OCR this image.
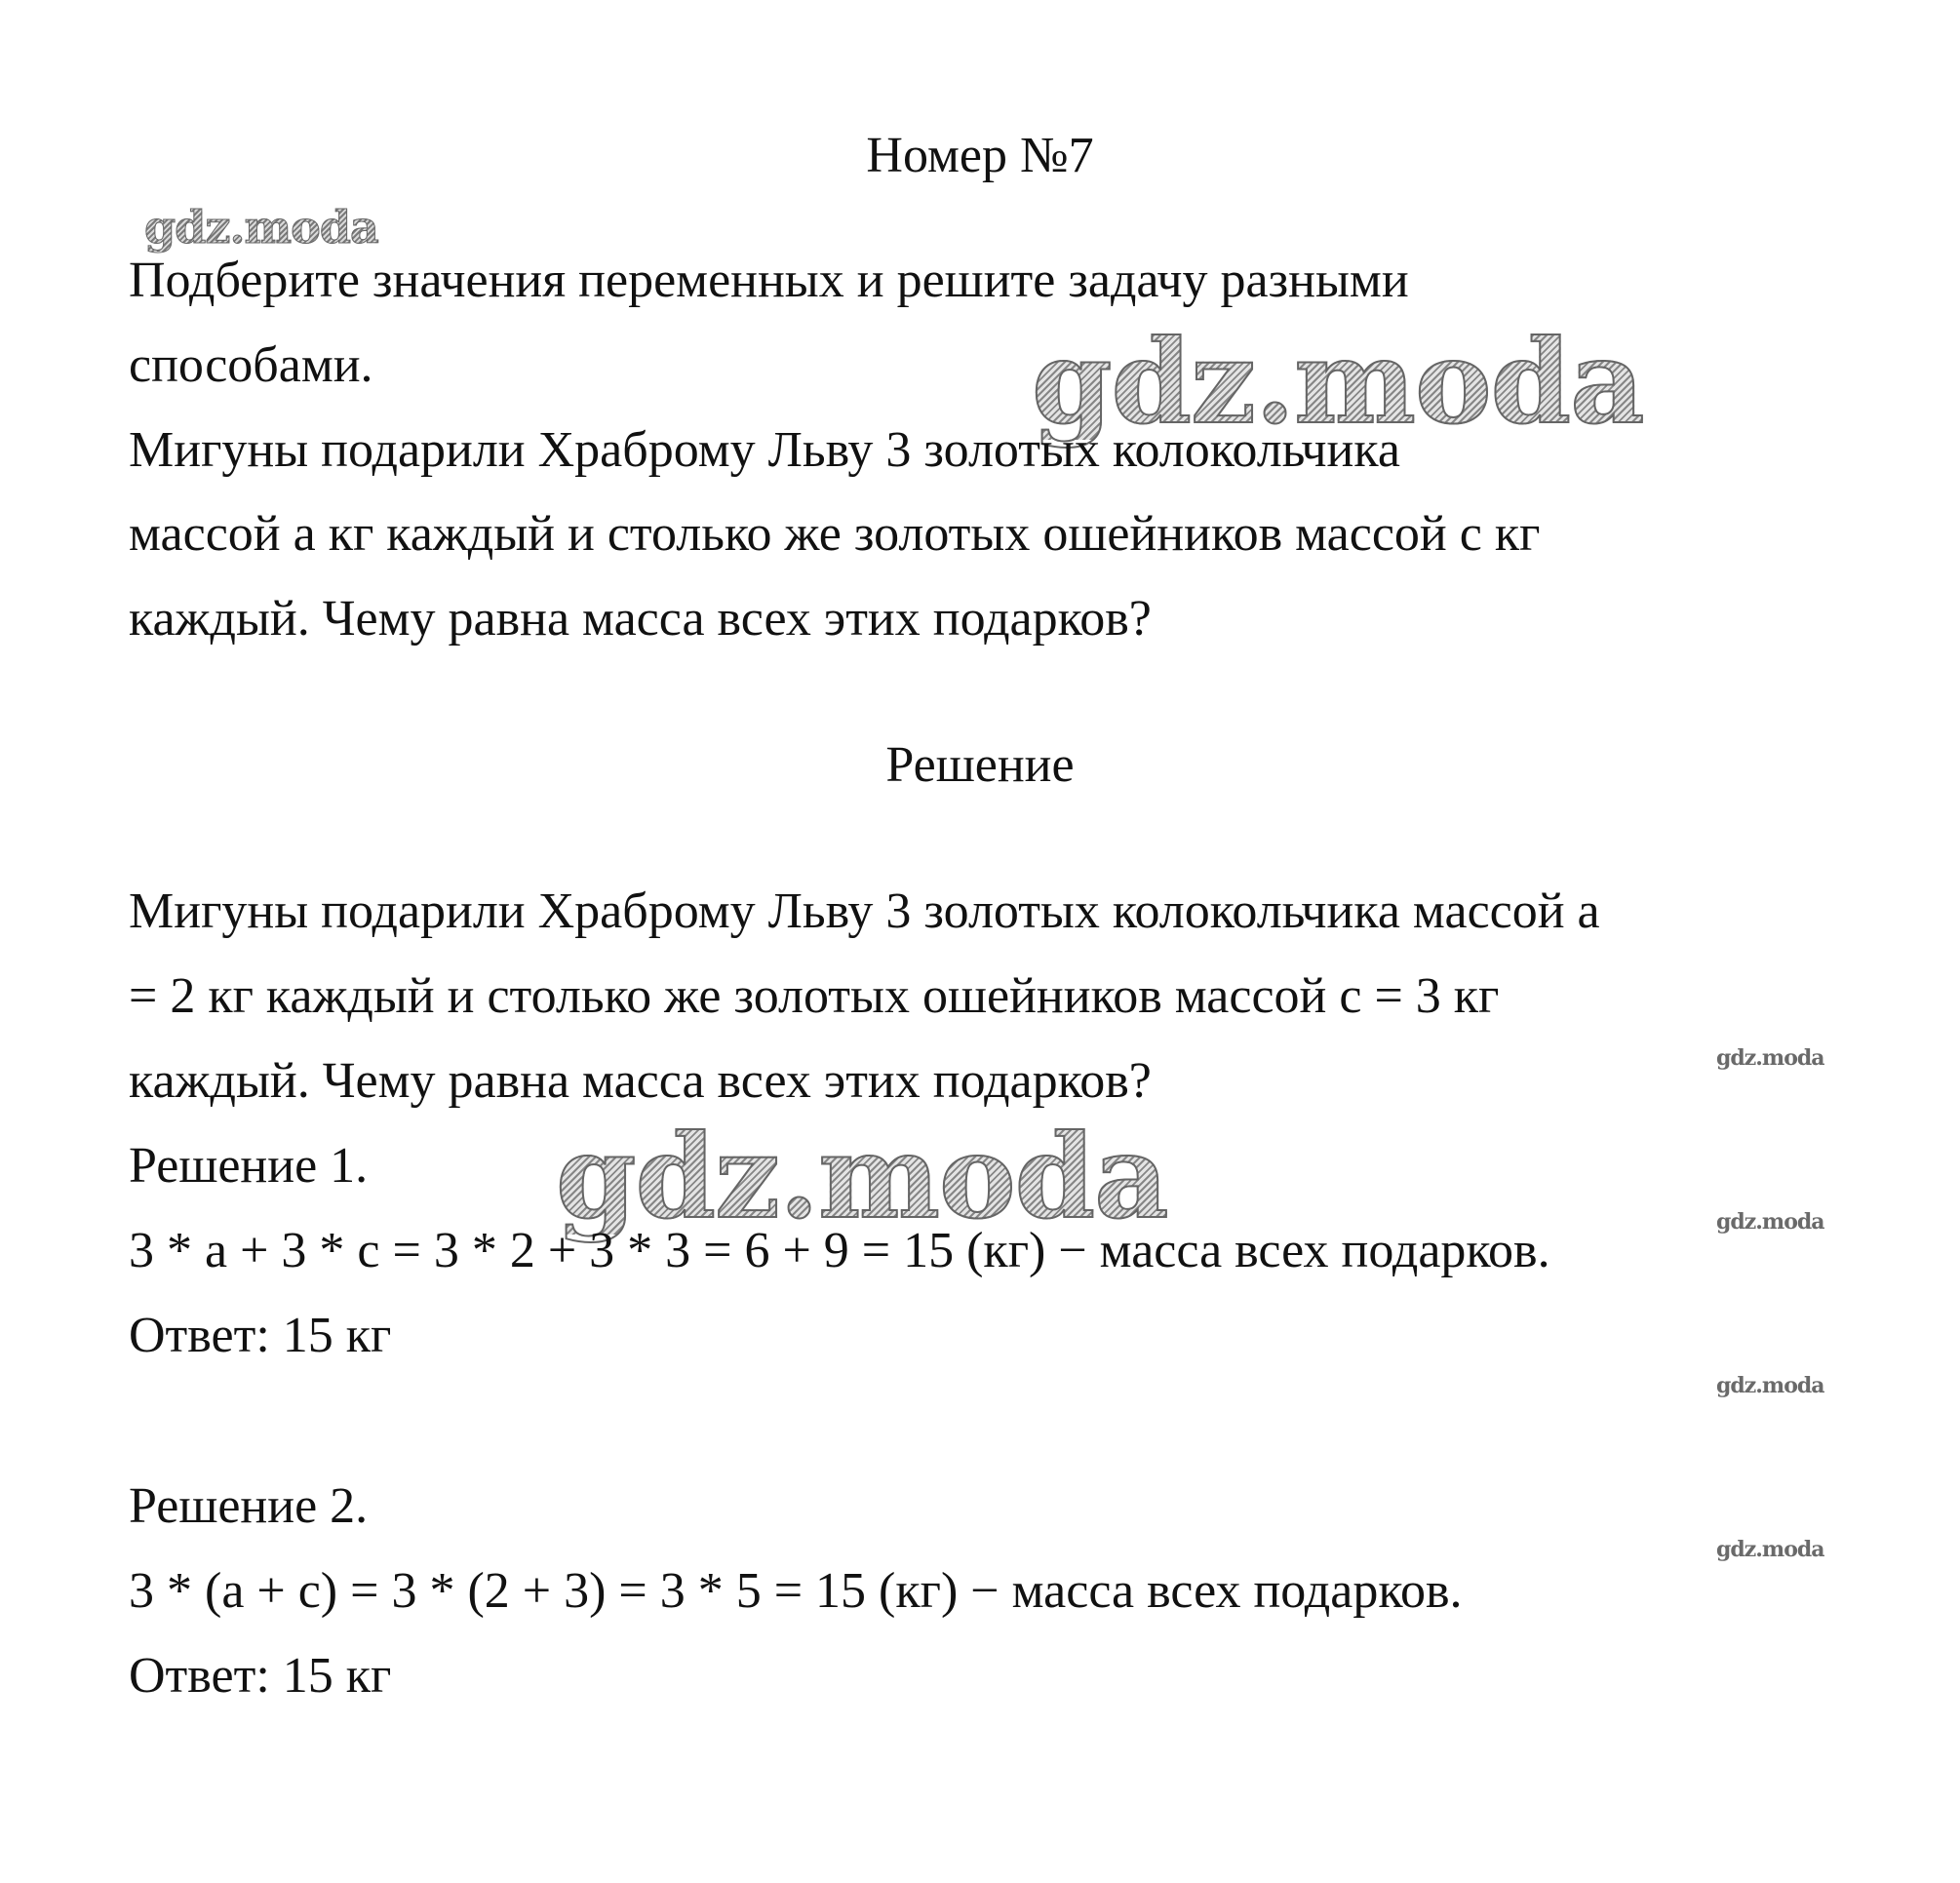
Номер №7
gdz.moda
gdz.moda
gdz.moda
gdz.moda
gdz.moda
gdz.moda
gdz.moda
Подберите значения переменных и решите задачу разными
способами.
Мигуны подарили Храброму Льву 3 золотых колокольчика
массой а кг каждый и столько же золотых ошейников массой с кг
каждый. Чему равна масса всех этих подарков?
Решение
Мигуны подарили Храброму Льву 3 золотых колокольчика массой а
= 2 кг каждый и столько же золотых ошейников массой с = 3 кг
каждый. Чему равна масса всех этих подарков?
Решение 1.
3 * а + 3 * с = 3 * 2 + 3 * 3 = 6 + 9 = 15 (кг) − масса всех подарков.
Ответ: 15 кг
Решение 2.
3 * (а + с) = 3 * (2 + 3) = 3 * 5 = 15 (кг) − масса всех подарков.
Ответ: 15 кг
